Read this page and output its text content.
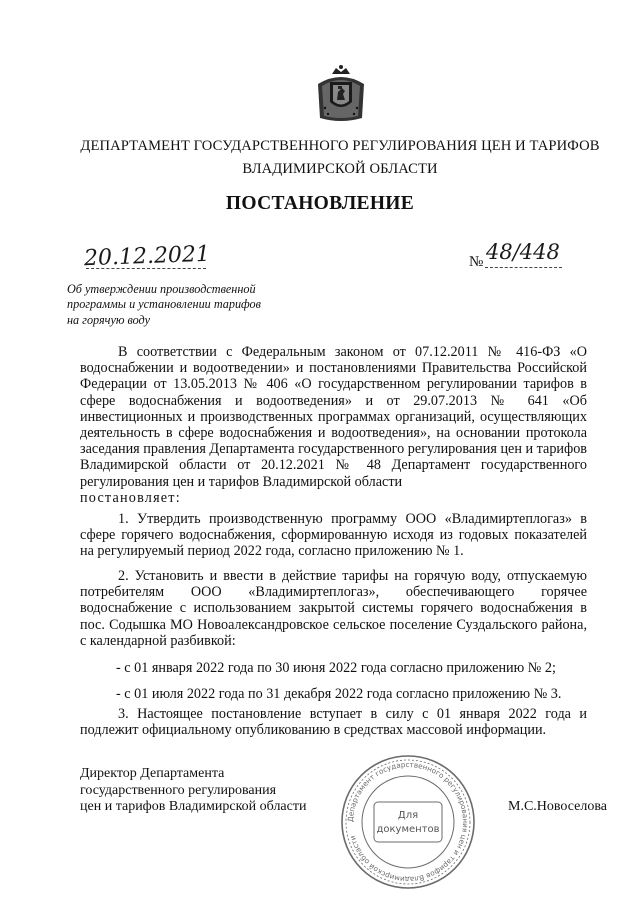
ДЕПАРТАМЕНТ ГОСУДАРСТВЕННОГО РЕГУЛИРОВАНИЯ ЦЕН И ТАРИФОВ
ВЛАДИМИРСКОЙ ОБЛАСТИ
ПОСТАНОВЛЕНИЕ
20.12.2021	№ 48/448
Об утверждении производственной
программы и установлении тарифов
на горячую воду
В соответствии с Федеральным законом от 07.12.2011 № 416-ФЗ «О водоснабжении и водоотведении» и постановлениями Правительства Российской Федерации от 13.05.2013 № 406 «О государственном регулировании тарифов в сфере водоснабжения и водоотведения» и от 29.07.2013 № 641 «Об инвестиционных и производственных программах организаций, осуществляющих деятельность в сфере водоснабжения и водоотведения», на основании протокола заседания правления Департамента государственного регулирования цен и тарифов Владимирской области от 20.12.2021 № 48 Департамент государственного регулирования цен и тарифов Владимирской области
постановляет:
1. Утвердить производственную программу ООО «Владимиртеплогаз» в сфере горячего водоснабжения, сформированную исходя из годовых показателей на регулируемый период 2022 года, согласно приложению № 1.
2. Установить и ввести в действие тарифы на горячую воду, отпускаемую потребителям ООО «Владимиртеплогаз», обеспечивающего горячее водоснабжение с использованием закрытой системы горячего водоснабжения в пос. Содышка МО Новоалександровское сельское поселение Суздальского района, с календарной разбивкой:
- с 01 января 2022 года по 30 июня 2022 года согласно приложению № 2;
- с 01 июля 2022 года по 31 декабря 2022 года согласно приложению № 3.
3. Настоящее постановление вступает в силу с 01 января 2022 года и подлежит официальному опубликованию в средствах массовой информации.
Директор Департамента
государственного регулирования
цен и тарифов Владимирской области	М.С.Новоселова
Департамент государственного регулирования цен и тарифов Владимирской области
Для
документов
